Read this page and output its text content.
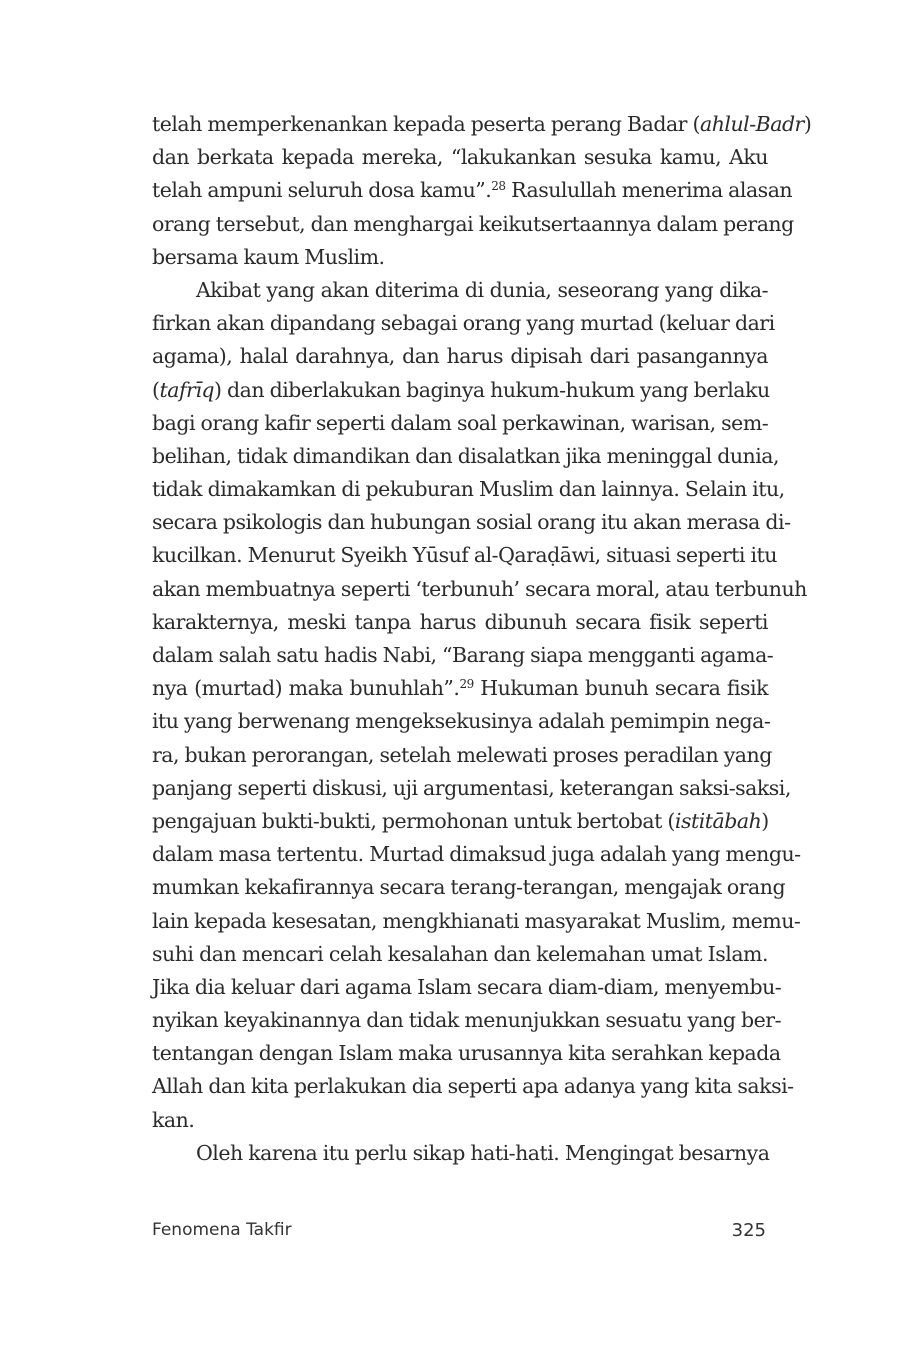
telah memperkenankan kepada peserta perang Badar (ahlul-Badr)
dan berkata kepada mereka, “lakukankan sesuka kamu, Aku
telah ampuni seluruh dosa kamu”.$^{28}$ Rasulullah menerima alasan
orang tersebut, dan menghargai keikutsertaannya dalam perang
bersama kaum Muslim.
Akibat yang akan diterima di dunia, seseorang yang dika-
firkan akan dipandang sebagai orang yang murtad (keluar dari
agama), halal darahnya, dan harus dipisah dari pasangannya
(tafrīq) dan diberlakukan baginya hukum-hukum yang berlaku
bagi orang kafir seperti dalam soal perkawinan, warisan, sem-
belihan, tidak dimandikan dan disalatkan jika meninggal dunia,
tidak dimakamkan di pekuburan Muslim dan lainnya. Selain itu,
secara psikologis dan hubungan sosial orang itu akan merasa di-
kucilkan. Menurut Syeikh Yūsuf al-Qaraḍāwi, situasi seperti itu
akan membuatnya seperti ‘terbunuh’ secara moral, atau terbunuh
karakternya, meski tanpa harus dibunuh secara fisik seperti
dalam salah satu hadis Nabi, “Barang siapa mengganti agama-
nya (murtad) maka bunuhlah”.$^{29}$ Hukuman bunuh secara fisik
itu yang berwenang mengeksekusinya adalah pemimpin nega-
ra, bukan perorangan, setelah melewati proses peradilan yang
panjang seperti diskusi, uji argumentasi, keterangan saksi-saksi,
pengajuan bukti-bukti, permohonan untuk bertobat (istitābah)
dalam masa tertentu. Murtad dimaksud juga adalah yang mengu-
mumkan kekafirannya secara terang-terangan, mengajak orang
lain kepada kesesatan, mengkhianati masyarakat Muslim, memu-
suhi dan mencari celah kesalahan dan kelemahan umat Islam.
Jika dia keluar dari agama Islam secara diam-diam, menyembu-
nyikan keyakinannya dan tidak menunjukkan sesuatu yang ber-
tentangan dengan Islam maka urusannya kita serahkan kepada
Allah dan kita perlakukan dia seperti apa adanya yang kita saksi-
kan.
Oleh karena itu perlu sikap hati-hati. Mengingat besarnya
Fenomena Takfir	325
